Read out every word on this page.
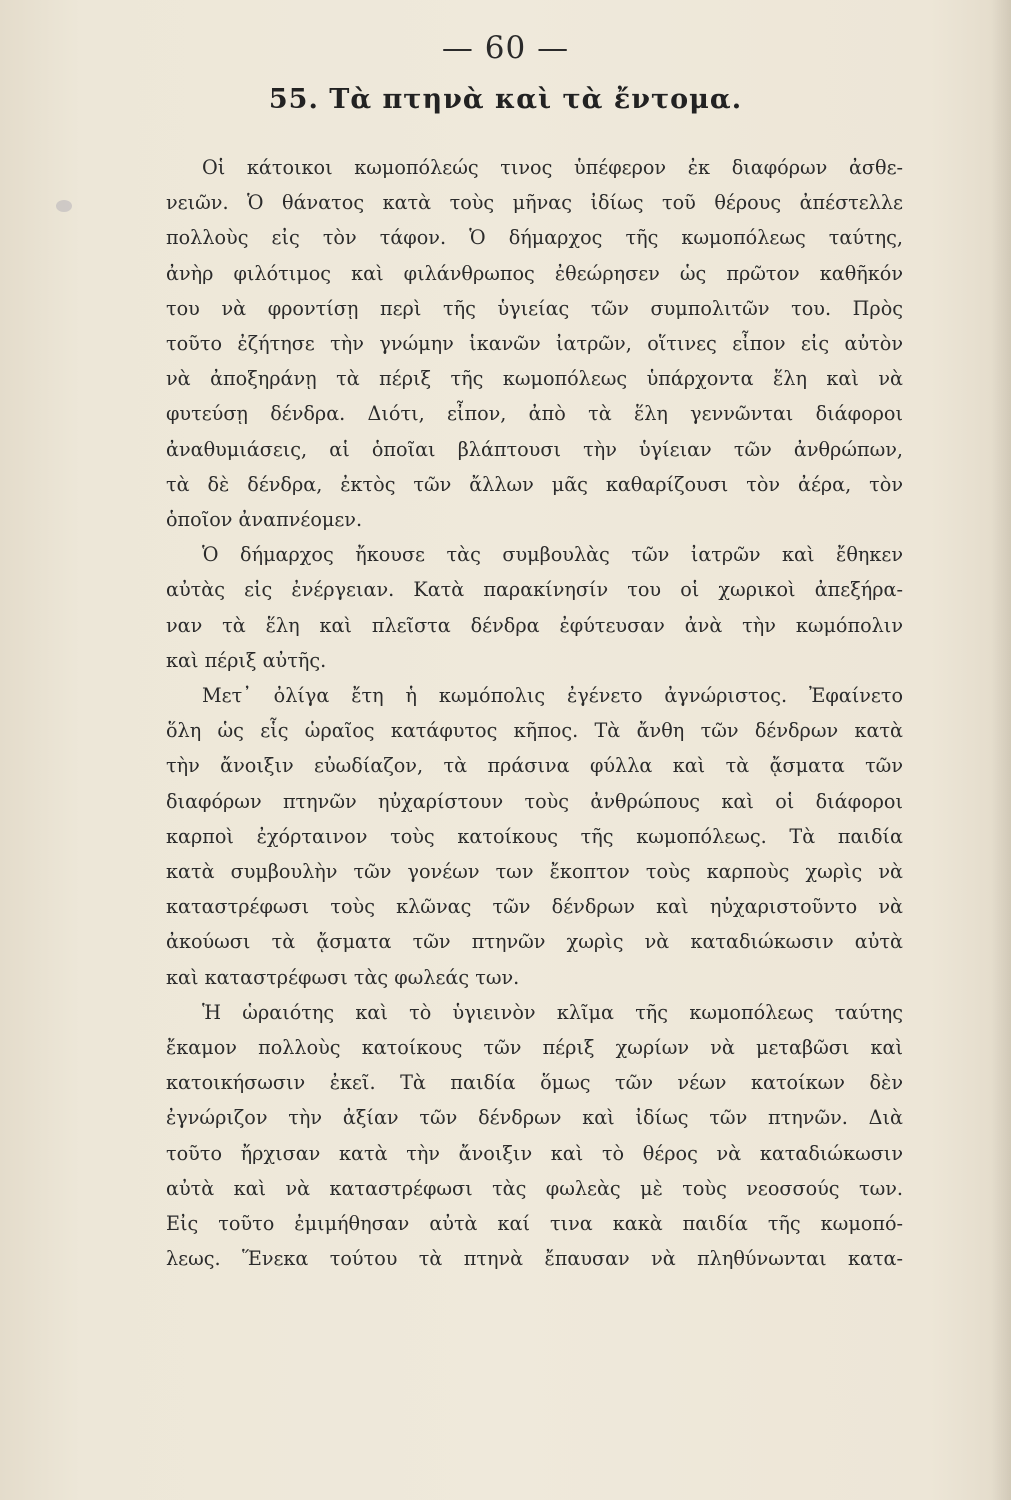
— 60 —
55. Τὰ πτηνὰ καὶ τὰ ἔντομα.
Οἱ κάτοικοι κωμοπόλεώς τινος ὑπέφερον ἐκ διαφόρων ἀσθε-
νειῶν. Ὁ θάνατος κατὰ τοὺς μῆνας ἰδίως τοῦ θέρους ἀπέστελλε
πολλοὺς εἰς τὸν τάφον. Ὁ δήμαρχος τῆς κωμοπόλεως ταύτης,
ἀνὴρ φιλότιμος καὶ φιλάνθρωπος ἐθεώρησεν ὡς πρῶτον καθῆκόν
του νὰ φροντίσῃ περὶ τῆς ὑγιείας τῶν συμπολιτῶν του. Πρὸς
τοῦτο ἐζήτησε τὴν γνώμην ἱκανῶν ἰατρῶν, οἵτινες εἶπον εἰς αὐτὸν
νὰ ἀποξηράνῃ τὰ πέριξ τῆς κωμοπόλεως ὑπάρχοντα ἕλη καὶ νὰ
φυτεύσῃ δένδρα. Διότι, εἶπον, ἀπὸ τὰ ἕλη γεννῶνται διάφοροι
ἀναθυμιάσεις, αἱ ὁποῖαι βλάπτουσι τὴν ὑγίειαν τῶν ἀνθρώπων,
τὰ δὲ δένδρα, ἐκτὸς τῶν ἄλλων μᾶς καθαρίζουσι τὸν ἀέρα, τὸν
ὁποῖον ἀναπνέομεν.
Ὁ δήμαρχος ἤκουσε τὰς συμβουλὰς τῶν ἰατρῶν καὶ ἔθηκεν
αὐτὰς εἰς ἐνέργειαν. Κατὰ παρακίνησίν του οἱ χωρικοὶ ἀπεξήρα-
ναν τὰ ἕλη καὶ πλεῖστα δένδρα ἐφύτευσαν ἀνὰ τὴν κωμόπολιν
καὶ πέριξ αὐτῆς.
Μετ᾽ ὀλίγα ἔτη ἡ κωμόπολις ἐγένετο ἀγνώριστος. Ἐφαίνετο
ὅλη ὡς εἷς ὡραῖος κατάφυτος κῆπος. Τὰ ἄνθη τῶν δένδρων κατὰ
τὴν ἄνοιξιν εὐωδίαζον, τὰ πράσινα φύλλα καὶ τὰ ᾄσματα τῶν
διαφόρων πτηνῶν ηὐχαρίστουν τοὺς ἀνθρώπους καὶ οἱ διάφοροι
καρποὶ ἐχόρταινον τοὺς κατοίκους τῆς κωμοπόλεως. Τὰ παιδία
κατὰ συμβουλὴν τῶν γονέων των ἔκοπτον τοὺς καρποὺς χωρὶς νὰ
καταστρέφωσι τοὺς κλῶνας τῶν δένδρων καὶ ηὐχαριστοῦντο νὰ
ἀκούωσι τὰ ᾄσματα τῶν πτηνῶν χωρὶς νὰ καταδιώκωσιν αὐτὰ
καὶ καταστρέφωσι τὰς φωλεάς των.
Ἡ ὡραιότης καὶ τὸ ὑγιεινὸν κλῖμα τῆς κωμοπόλεως ταύτης
ἔκαμον πολλοὺς κατοίκους τῶν πέριξ χωρίων νὰ μεταβῶσι καὶ
κατοικήσωσιν ἐκεῖ. Τὰ παιδία ὅμως τῶν νέων κατοίκων δὲν
ἐγνώριζον τὴν ἀξίαν τῶν δένδρων καὶ ἰδίως τῶν πτηνῶν. Διὰ
τοῦτο ἤρχισαν κατὰ τὴν ἄνοιξιν καὶ τὸ θέρος νὰ καταδιώκωσιν
αὐτὰ καὶ νὰ καταστρέφωσι τὰς φωλεὰς μὲ τοὺς νεοσσούς των.
Εἰς τοῦτο ἐμιμήθησαν αὐτὰ καί τινα κακὰ παιδία τῆς κωμοπό-
λεως. Ἕνεκα τούτου τὰ πτηνὰ ἔπαυσαν νὰ πληθύνωνται κατα-
